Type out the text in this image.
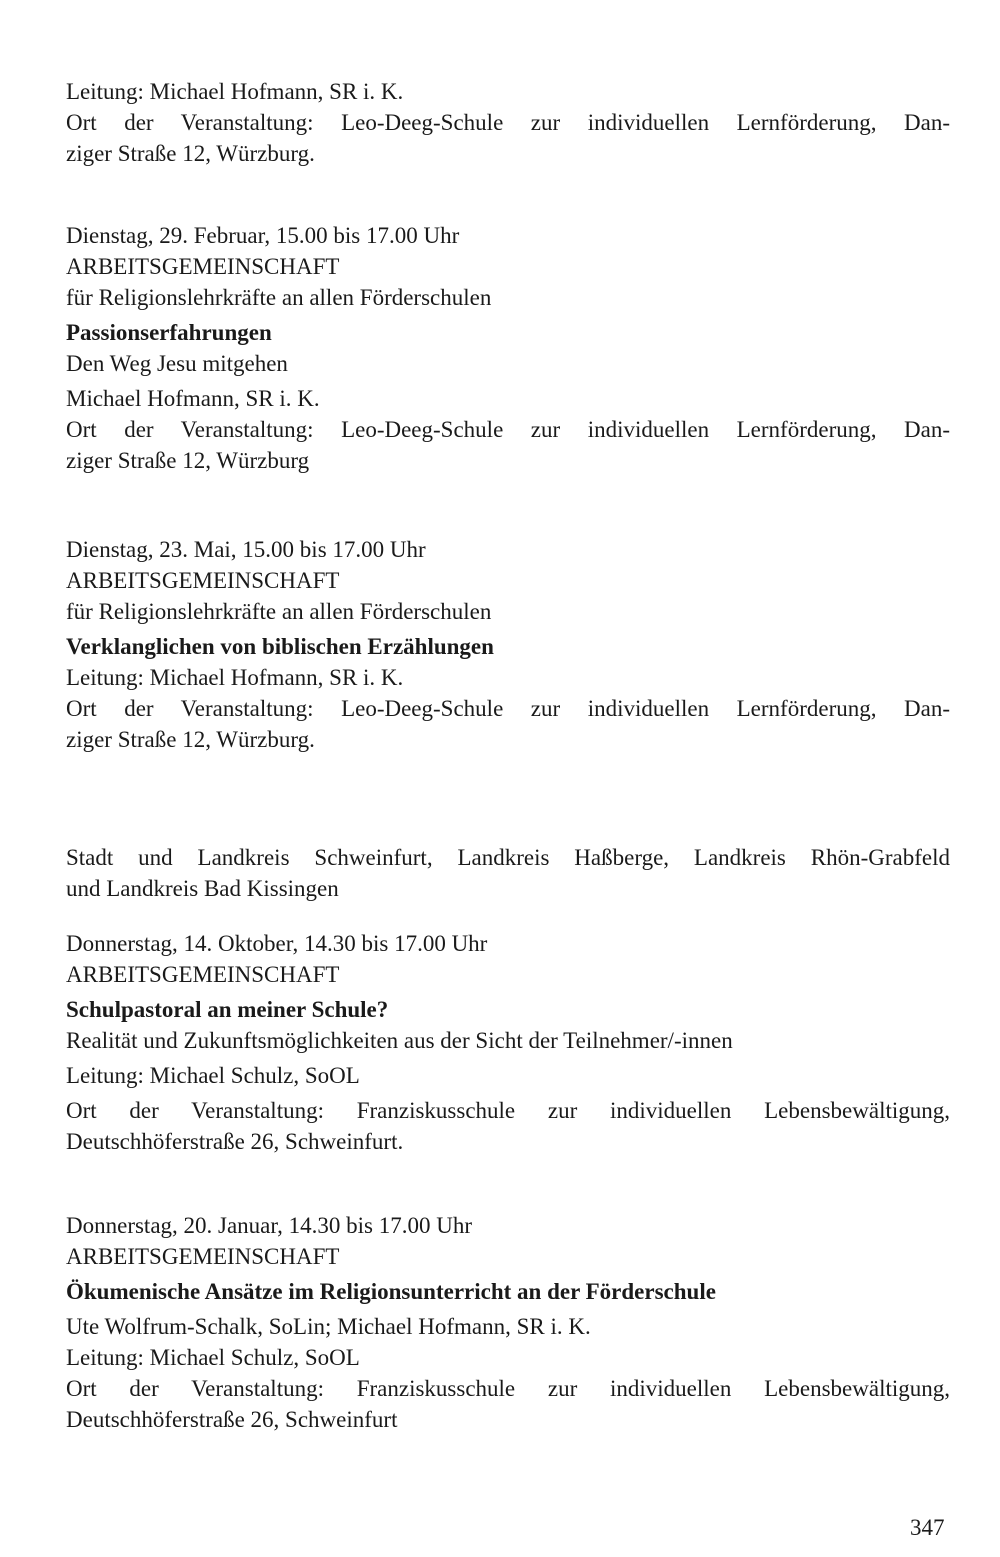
Leitung: Michael Hofmann, SR i. K.
Ort der Veranstaltung: Leo-Deeg-Schule zur individuellen Lernförderung, Dan-
ziger Straße 12, Würzburg.
Dienstag, 29. Februar, 15.00 bis 17.00 Uhr
ARBEITSGEMEINSCHAFT
für Religionslehrkräfte an allen Förderschulen
Passionserfahrungen
Den Weg Jesu mitgehen
Michael Hofmann, SR i. K.
Ort der Veranstaltung: Leo-Deeg-Schule zur individuellen Lernförderung, Dan-
ziger Straße 12, Würzburg
Dienstag, 23. Mai, 15.00 bis 17.00 Uhr
ARBEITSGEMEINSCHAFT
für Religionslehrkräfte an allen Förderschulen
Verklanglichen von biblischen Erzählungen
Leitung: Michael Hofmann, SR i. K.
Ort der Veranstaltung: Leo-Deeg-Schule zur individuellen Lernförderung, Dan-
ziger Straße 12, Würzburg.
Stadt und Landkreis Schweinfurt, Landkreis Haßberge, Landkreis Rhön-Grabfeld
und Landkreis Bad Kissingen
Donnerstag, 14. Oktober, 14.30 bis 17.00 Uhr
ARBEITSGEMEINSCHAFT
Schulpastoral an meiner Schule?
Realität und Zukunftsmöglichkeiten aus der Sicht der Teilnehmer/-innen
Leitung: Michael Schulz, SoOL
Ort der Veranstaltung: Franziskusschule zur individuellen Lebensbewältigung,
Deutschhöferstraße 26, Schweinfurt.
Donnerstag, 20. Januar, 14.30 bis 17.00 Uhr
ARBEITSGEMEINSCHAFT
Ökumenische Ansätze im Religionsunterricht an der Förderschule
Ute Wolfrum-Schalk, SoLin; Michael Hofmann, SR i. K.
Leitung: Michael Schulz, SoOL
Ort der Veranstaltung: Franziskusschule zur individuellen Lebensbewältigung,
Deutschhöferstraße 26, Schweinfurt
347
